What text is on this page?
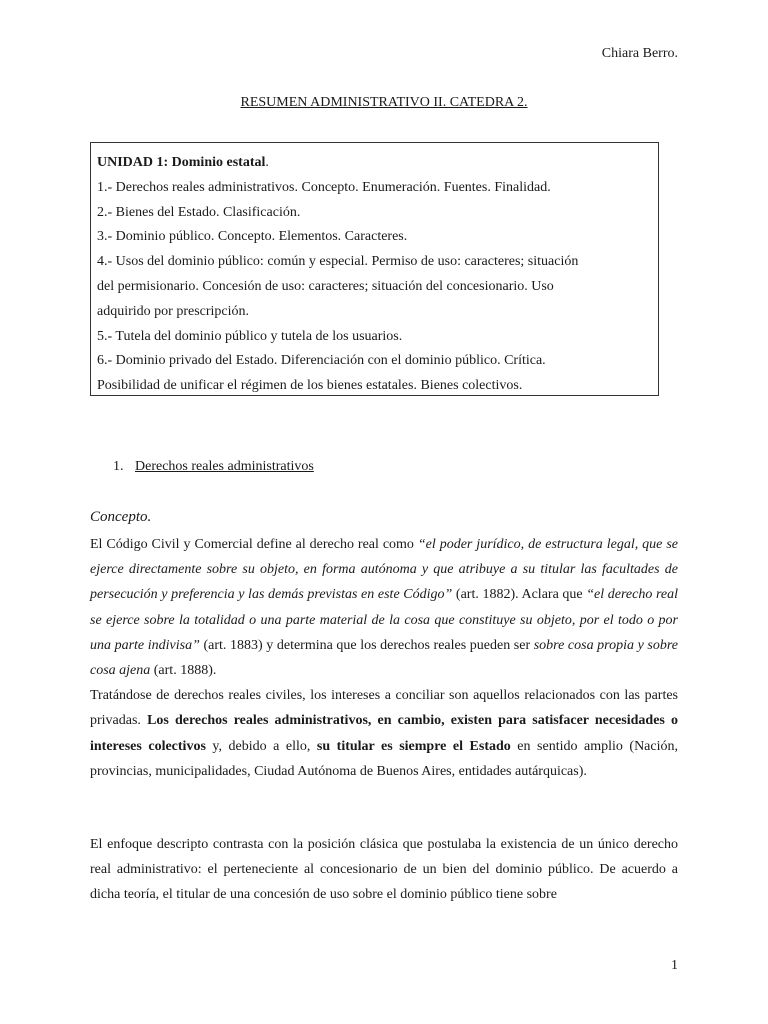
Chiara Berro.
RESUMEN ADMINISTRATIVO II. CATEDRA 2.
UNIDAD 1: Dominio estatal.
1.- Derechos reales administrativos. Concepto. Enumeración. Fuentes. Finalidad.
2.- Bienes del Estado. Clasificación.
3.- Dominio público. Concepto. Elementos. Caracteres.
4.- Usos del dominio público: común y especial. Permiso de uso: caracteres; situación
del permisionario. Concesión de uso: caracteres; situación del concesionario. Uso
adquirido por prescripción.
5.- Tutela del dominio público y tutela de los usuarios.
6.- Dominio privado del Estado. Diferenciación con el dominio público. Crítica.
Posibilidad de unificar el régimen de los bienes estatales. Bienes colectivos.
1. Derechos reales administrativos
Concepto.

El Código Civil y Comercial define al derecho real como “el poder jurídico, de estructura legal, que se ejerce directamente sobre su objeto, en forma autónoma y que atribuye a su titular las facultades de persecución y preferencia y las demás previstas en este Código” (art. 1882). Aclara que “el derecho real se ejerce sobre la totalidad o una parte material de la cosa que constituye su objeto, por el todo o por una parte indivisa” (art. 1883) y determina que los derechos reales pueden ser sobre cosa propia y sobre cosa ajena (art. 1888).

Tratándose de derechos reales civiles, los intereses a conciliar son aquellos relacionados con las partes privadas. Los derechos reales administrativos, en cambio, existen para satisfacer necesidades o intereses colectivos y, debido a ello, su titular es siempre el Estado en sentido amplio (Nación, provincias, municipalidades, Ciudad Autónoma de Buenos Aires, entidades autárquicas).

El enfoque descripto contrasta con la posición clásica que postulaba la existencia de un único derecho real administrativo: el perteneciente al concesionario de un bien del dominio público. De acuerdo a dicha teoría, el titular de una concesión de uso sobre el dominio público tiene sobre

1
